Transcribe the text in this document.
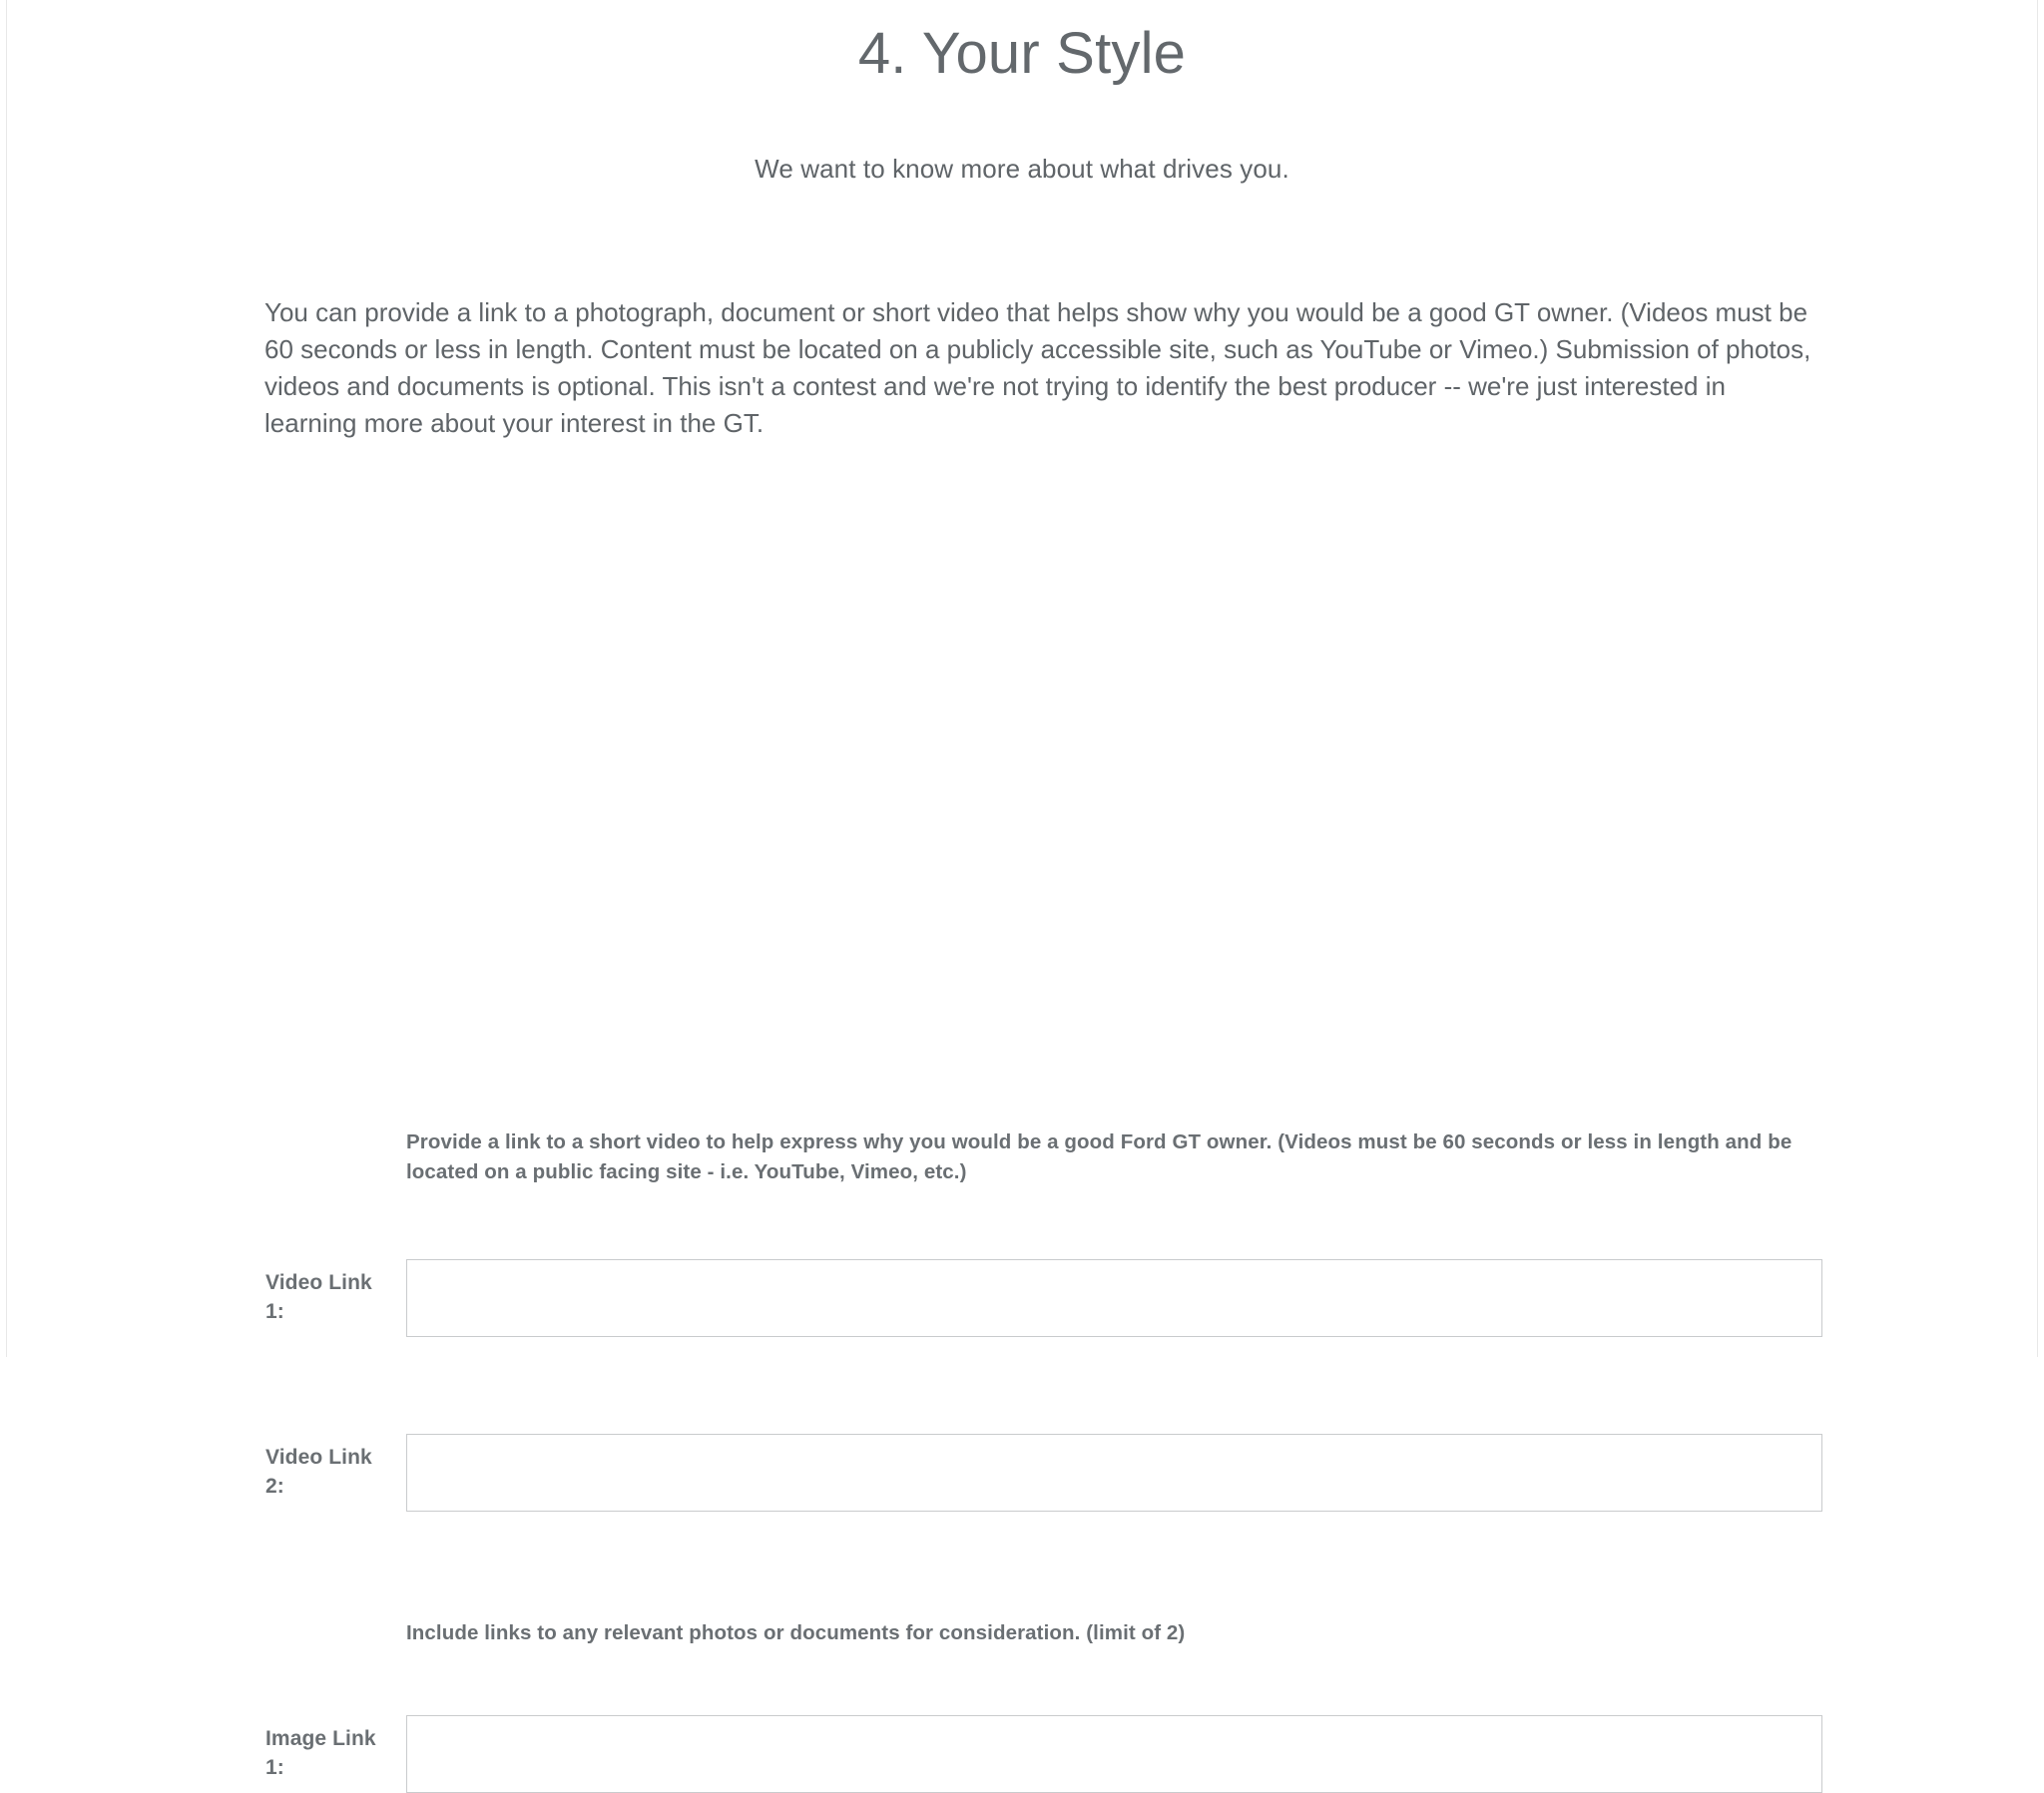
4. Your Style
We want to know more about what drives you.

You can provide a link to a photograph, document or short video that helps show why you would be a good GT owner. (Videos must be 60 seconds or less in length. Content must be located on a publicly accessible site, such as YouTube or Vimeo.) Submission of photos, videos and documents is optional. This isn't a contest and we're not trying to identify the best producer -- we're just interested in learning more about your interest in the GT.

Provide a link to a short video to help express why you would be a good Ford GT owner. (Videos must be 60 seconds or less in length and be located on a public facing site - i.e. YouTube, Vimeo, etc.)
Video Link 1:
Video Link 2:
Include links to any relevant photos or documents for consideration. (limit of 2)
Image Link 1:
